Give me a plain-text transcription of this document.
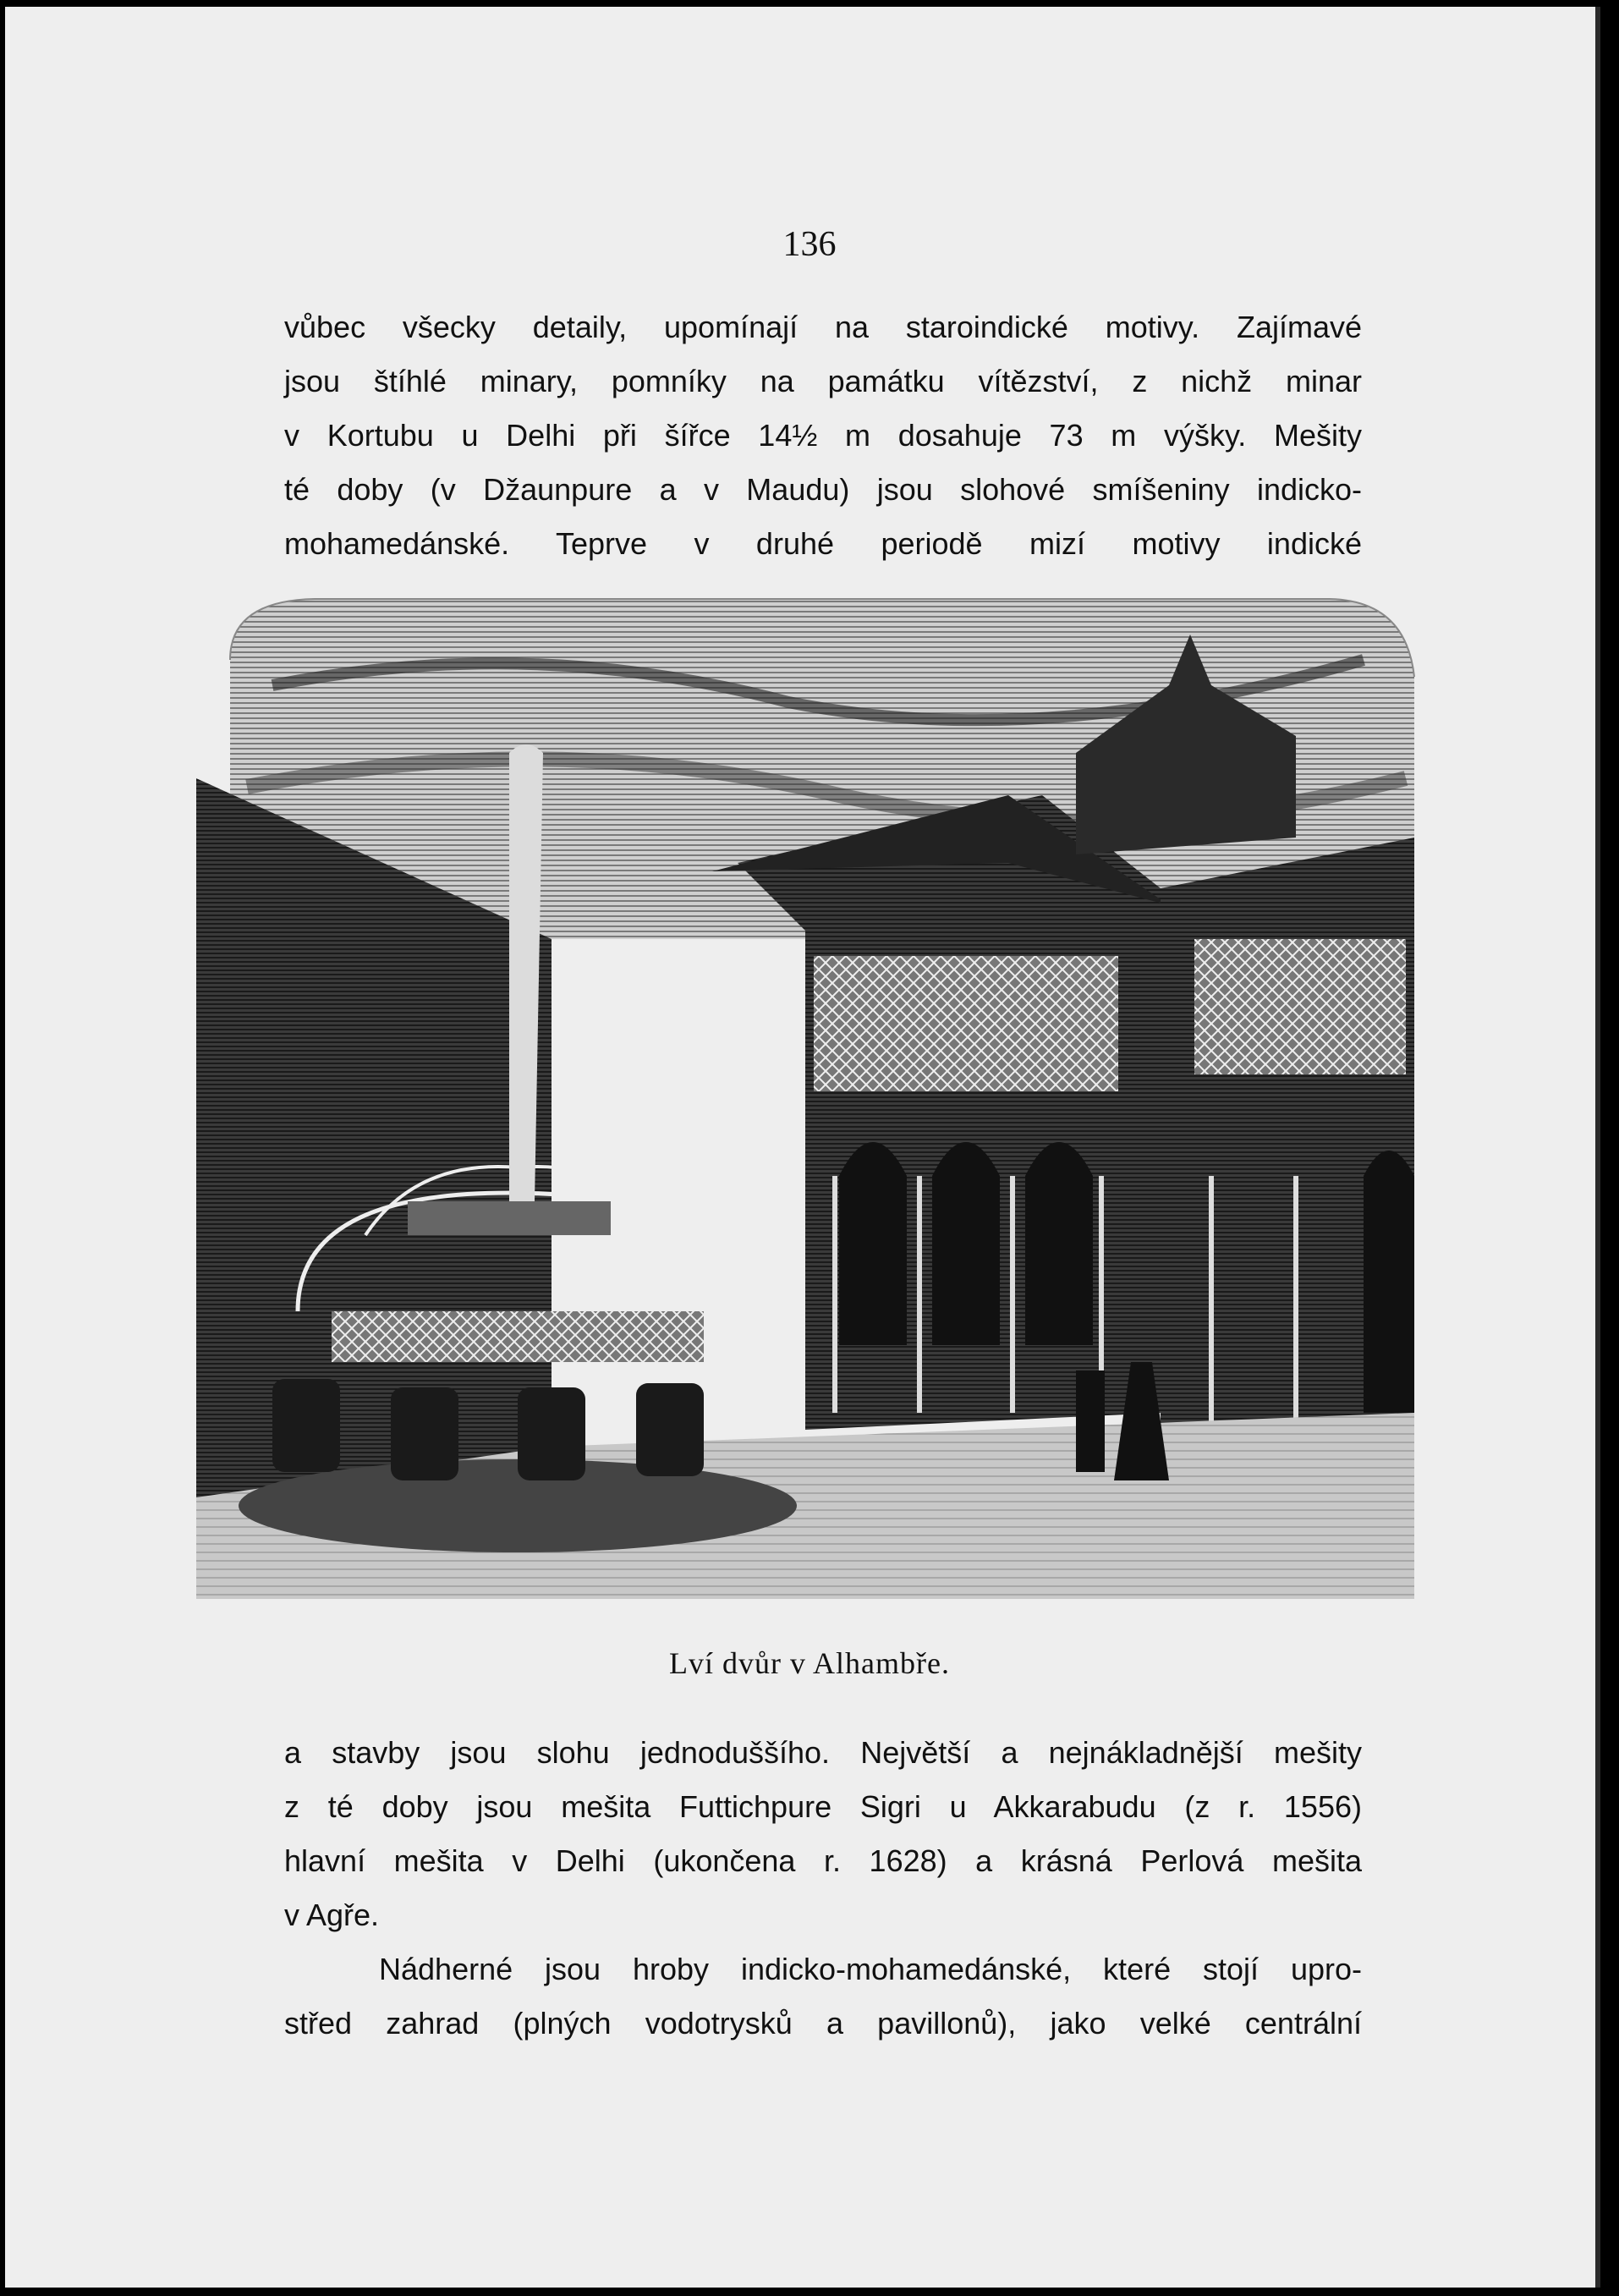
136
vůbec všecky detaily, upomínají na staroindické motivy. Zajímavé
jsou štíhlé minary, pomníky na památku vítězství, z nichž minar
v Kortubu u Delhi při šířce 14½ m dosahuje 73 m výšky. Mešity
té doby (v Džaunpure a v Maudu) jsou slohové smíšeniny indicko-
mohamedánské. Teprve v druhé periodě mizí motivy indické
Lví dvůr v Alhambře.
a stavby jsou slohu jednoduššího. Největší a nejnákladnější mešity
z té doby jsou mešita Futtichpure Sigri u Akkarabudu (z r. 1556)
hlavní mešita v Delhi (ukončena r. 1628) a krásná Perlová mešita
v Agře.
Nádherné jsou hroby indicko-mohamedánské, které stojí upro-
střed zahrad (plných vodotrysků a pavillonů), jako velké centrální
